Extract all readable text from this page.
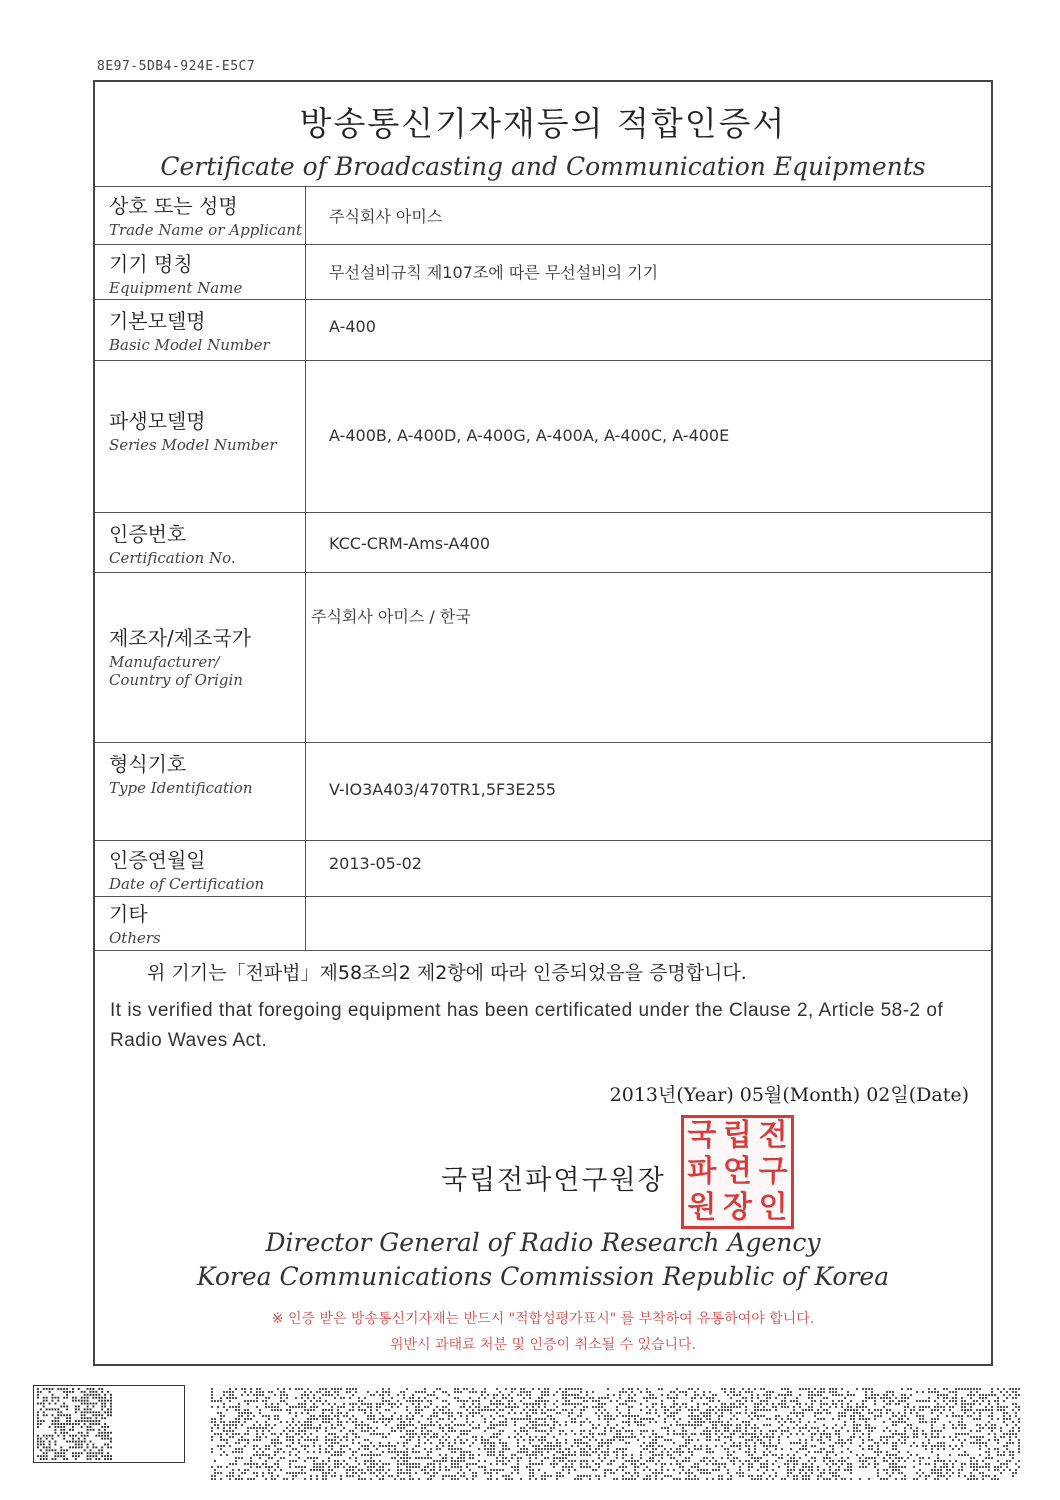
8E97-5DB4-924E-E5C7
방송통신기자재등의 적합인증서
Certificate of Broadcasting and Communication Equipments
상호 또는 성명
Trade Name or Applicant
주식회사 아미스
기기 명칭
Equipment Name
무선설비규칙 제107조에 따른 무선설비의 기기
기본모델명
Basic Model Number
A-400
파생모델명
Series Model Number	A-400B, A-400D, A-400G, A-400A, A-400C, A-400E
인증번호
Certification No.
KCC-CRM-Ams-A400
제조자/제조국가
Manufacturer/
Country of Origin
주식회사 아미스 / 한국
형식기호
Type Identification	V-IO3A403/470TR1,5F3E255
인증연월일
Date of Certification
2013-05-02
기타
Others
위 기기는「전파법」제58조의2 제2항에 따라 인증되었음을 증명합니다.
It is verified that foregoing equipment has been certificated under the Clause 2, Article 58-2 of Radio Waves Act.
2013년(Year) 05월(Month) 02일(Date)
국립전파연구원장
국 립 전
파 연 구
원 장 인
Director General of Radio Research Agency
Korea Communications Commission Republic of Korea
※ 인증 받은 방송통신기자재는 반드시 "적합성평가표시" 를 부착하여 유통하여야 합니다.
위반시 과태료 처분 및 인증이 취소될 수 있습니다.
